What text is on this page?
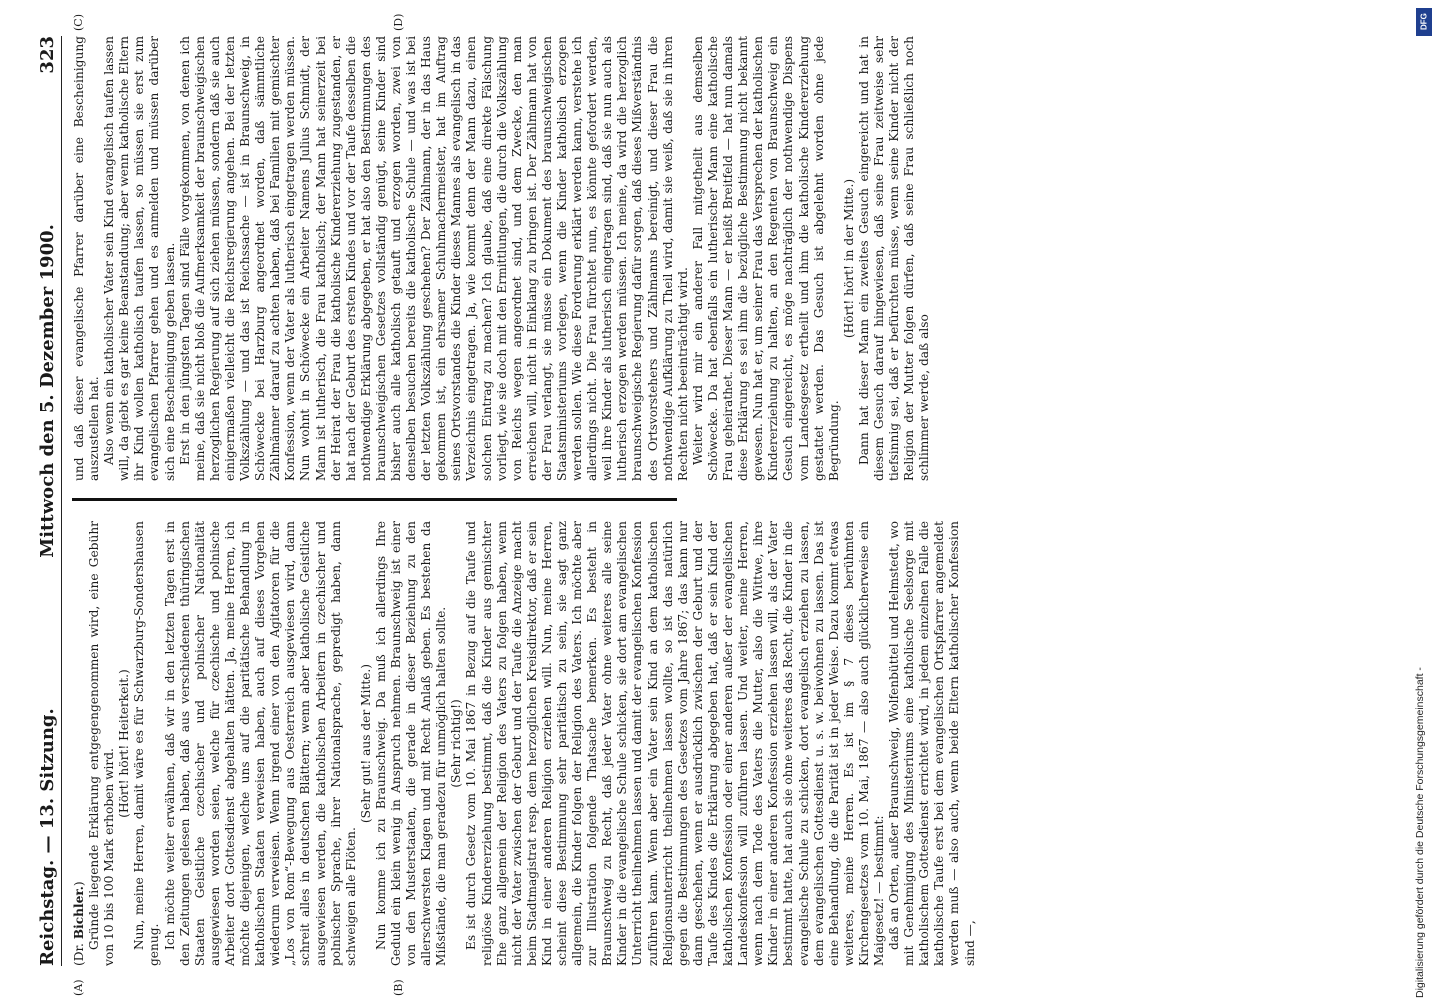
Reichstag. — 13. Sitzung.
Mittwoch den 5. Dezember 1900.
323

(Dr. Bichler.) Gründe liegende Erklärung entgegengenommen wird, eine Gebühr von 10 bis 100 Mark erhoben wird.

(Hört! hört! Heiterkeit.) Nun, meine Herren, damit wäre es für Schwarzburg-Sondershausen genug. Ich möchte weiter erwähnen, daß wir in den letzten Tagen erst in den Zeitungen gelesen haben, daß aus verschiedenen thüringischen Staaten Geistliche czechischer und polnischer Nationalität ausgewiesen worden seien, welche für czechische und polnische Arbeiter dort Gottesdienst abgehalten hätten. Ja, meine Herren, ich möchte diejenigen, welche uns auf die paritätische Behandlung in katholischen Staaten verweisen haben, auch auf dieses Vorgehen wiederum verweisen. Wenn irgend einer von den Agitatoren für die „Los von Rom“-Bewegung aus Oesterreich ausgewiesen wird, dann schreit alles in deutschen Blättern; wenn aber katholische Geistliche ausgewiesen werden, die katholischen Arbeitern in czechischer und polnischer Sprache, ihrer Nationalsprache, gepredigt haben, dann schweigen alle Flöten.

(Sehr gut! aus der Mitte.) Nun komme ich zu Braunschweig. Da muß ich allerdings Ihre Geduld ein klein wenig in Anspruch nehmen. Braunschweig ist einer von den Musterstaaten, die gerade in dieser Beziehung zu den allerschwersten Klagen und mit Recht Anlaß geben. Es bestehen da Mißstände, die man geradezu für unmöglich halten sollte. (Sehr richtig!) Es ist durch Gesetz vom 10. Mai 1867 in Bezug auf die Taufe und religiöse Kindererziehung bestimmt, daß die Kinder aus gemischter Ehe ganz allgemein der Religion des Vaters zu folgen haben, wenn nicht der Vater zwischen der Geburt und der Taufe die Anzeige macht beim Stadtmagistrat resp. dem herzoglichen Kreisdirektor, daß er sein Kind in einer anderen Religion erziehen will. Nun, meine Herren, scheint diese Bestimmung sehr paritätisch zu sein, sie sagt ganz allgemein, die Kinder folgen der Religion des Vaters. Ich möchte aber zur Illustration folgende Thatsache bemerken. Es besteht in Braunschweig zu Recht, daß jeder Vater ohne weiteres alle seine Kinder in die evangelische Schule schicken, sie dort am evangelischen Unterricht theilnehmen lassen und damit der evangelischen Konfession zuführen kann. Wenn aber ein Vater sein Kind an dem katholischen Religionsunterricht theilnehmen lassen wollte, so ist das natürlich gegen die Bestimmungen des Gesetzes vom Jahre 1867; das kann nur dann geschehen, wenn er ausdrücklich zwischen der Geburt und der Taufe des Kindes die Erklärung abgegeben hat, daß er sein Kind der katholischen Konfession oder einer anderen außer der evangelischen Landeskonfession will zuführen lassen. Und weiter, meine Herren, wenn nach dem Tode des Vaters die Mutter, also die Wittwe, ihre Kinder in einer anderen Konfession erziehen lassen will, als der Vater bestimmt hatte, hat auch sie ohne weiteres das Recht, die Kinder in die evangelische Schule zu schicken, dort evangelisch erziehen zu lassen, dem evangelischen Gottesdienst u. s. w. beiwohnen zu lassen. Das ist eine Behandlung, die die Parität ist in jeder Weise. Dazu kommt etwas weiteres, meine Herren. Es ist im § 7 dieses berühmten Kirchengesetzes vom 10. Mai, 1867 — also auch glücklicherweise ein Maigesetz! — bestimmt: daß an Orten, außer Braunschweig, Wolfenbüttel und Helmstedt, wo mit Genehmigung des Ministeriums eine katholische Seelsorge mit katholischem Gottesdienst errichtet wird, in jedem einzelnen Falle die katholische Taufe erst bei dem evangelischen Ortspfarrer angemeldet werden muß — also auch, wenn beide Eltern katholischer Konfession sind —,

und daß dieser evangelische Pfarrer darüber eine Bescheinigung auszustellen hat. Also wenn ein katholischer Vater sein Kind evangelisch taufen lassen will, da giebt es gar keine Beanstandung; aber wenn katholische Eltern ihr Kind wollen katholisch taufen lassen, so müssen sie erst zum evangelischen Pfarrer gehen und es anmelden und müssen darüber sich eine Bescheinigung geben lassen. Erst in den jüngsten Tagen sind Fälle vorgekommen, von denen ich meine, daß sie nicht bloß die Aufmerksamkeit der braunschweigischen herzoglichen Regierung auf sich ziehen müssen, sondern daß sie auch einigermaßen vielleicht die Reichsregierung angehen. Bei der letzten Volkszählung — und das ist Reichssache — ist in Braunschweig, in Schöwecke bei Harzburg angeordnet worden, daß sämmtliche Zählmänner darauf zu achten haben, daß bei Familien mit gemischter Konfession, wenn der Vater als lutherisch eingetragen werden müssen. Nun wohnt in Schöwecke ein Arbeiter Namens Julius Schmidt, der Mann ist lutherisch, die Frau katholisch; der Mann hat seinerzeit bei der Heirat der Frau die katholische Kindererziehung zugestanden, er hat nach der Geburt des ersten Kindes und vor der Taufe desselben die nothwendige Erklärung abgegeben, er hat also den Bestimmungen des braunschweigischen Gesetzes vollständig genügt, seine Kinder sind bisher auch alle katholisch getauft und erzogen worden, zwei von denselben besuchen bereits die katholische Schule — und was ist bei der letzten Volkszählung geschehen? Der Zählmann, der in das Haus gekommen ist, ein ehrsamer Schuhmachermeister, hat im Auftrag seines Ortsvorstandes die Kinder dieses Mannes als evangelisch in das Verzeichnis eingetragen. Ja, wie kommt denn der Mann dazu, einen solchen Eintrag zu machen? Ich glaube, daß eine direkte Fälschung vorliegt, wie sie doch mit den Ermittlungen, die durch die Volkszählung von Reichs wegen angeordnet sind, und dem Zwecke, den man erreichen will, nicht in Einklang zu bringen ist. Der Zählmann hat von der Frau verlangt, sie müsse ein Dokument des braunschweigischen Staatsministeriums vorlegen, wenn die Kinder katholisch erzogen werden sollen. Wie diese Forderung erklärt werden kann, verstehe ich allerdings nicht. Die Frau fürchtet nun, es könnte gefordert werden, weil ihre Kinder als lutherisch eingetragen sind, daß sie nun auch als lutherisch erzogen werden müssen. Ich meine, da wird die herzoglich braunschweigische Regierung dafür sorgen, daß dieses Mißverständnis des Ortsvorstehers und Zählmanns bereinigt, und dieser Frau die nothwendige Aufklärung zu Theil wird, damit sie weiß, daß sie in ihren Rechten nicht beeinträchtigt wird. Weiter wird mir ein anderer Fall mitgetheilt aus demselben Schöwecke. Da hat ebenfalls ein lutherischer Mann eine katholische Frau geheirathet. Dieser Mann — er heißt Breitfeld — hat nun damals diese Erklärung es sei ihm die bezügliche Bestimmung nicht bekannt gewesen. Nun hat er, um seiner Frau das Versprechen der katholischen Kindererziehung zu halten, an den Regenten von Braunschweig ein Gesuch eingereicht, es möge nachträglich der nothwendige Dispens vom Landesgesetz ertheilt und ihm die katholische Kindererziehung gestattet werden. Das Gesuch ist abgelehnt worden ohne jede Begründung.

(Hört! hört! in der Mitte.) Dann hat dieser Mann ein zweites Gesuch eingereicht und hat in diesem Gesuch darauf hingewiesen, daß seine Frau zeitweise sehr tiefsinnig sei, daß er befürchten müsse, wenn seine Kinder nicht der Religion der Mutter folgen dürfen, daß seine Frau schließlich noch schlimmer werde, daß also

(A)	(B)
(C)	(D)
Digitalisierung gefördert durch die Deutsche Forschungsgemeinschaft -
DFG
